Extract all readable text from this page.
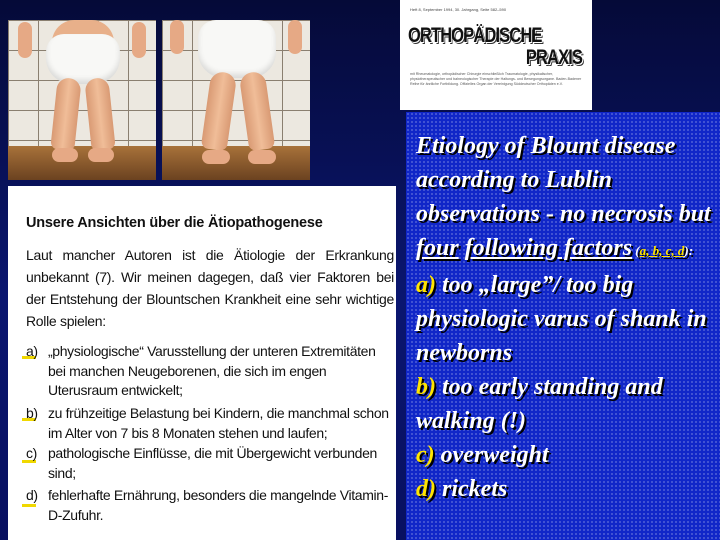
Heft 8, September 1994, 30. Jahrgang, Seite 582–590
ORTHOPÄDISCHE
PRAXIS
mit Rheumatologie, orthopädischer Chirurgie einschließlich Traumatologie, physikalischer, physiotherapeutischer und balneologischer Therapie der Haltungs- und Bewegungsorgane. Baden-Badener Reihe für ärztliche Fortbildung. Offizielles Organ der Vereinigung Süddeutscher Orthopäden e.V.
Unsere Ansichten über die Ätiopathogenese
Laut mancher Autoren ist die Ätiologie der Erkrankung unbekannt (7). Wir meinen dagegen, daß vier Faktoren bei der Entstehung der Blountschen Krankheit eine sehr wichtige Rolle spielen:
a) „physiologische“ Varusstellung der unteren Extremitäten bei manchen Neugeborenen, die sich im engen Uterusraum entwickelt;
b) zu frühzeitige Belastung bei Kindern, die manchmal schon im Alter von 7 bis 8 Monaten stehen und laufen;
c) pathologische Einflüsse, die mit Übergewicht verbunden sind;
d) fehlerhafte Ernährung, besonders die mangelnde Vitamin-D-Zufuhr.
Etiology of Blount disease according to Lublin observations - no necrosis but four following factors (a, b, c, d):
a) too „large”/ too big physiologic varus of shank in newborns
b) too early standing and walking (!)
c) overweight
d) rickets
